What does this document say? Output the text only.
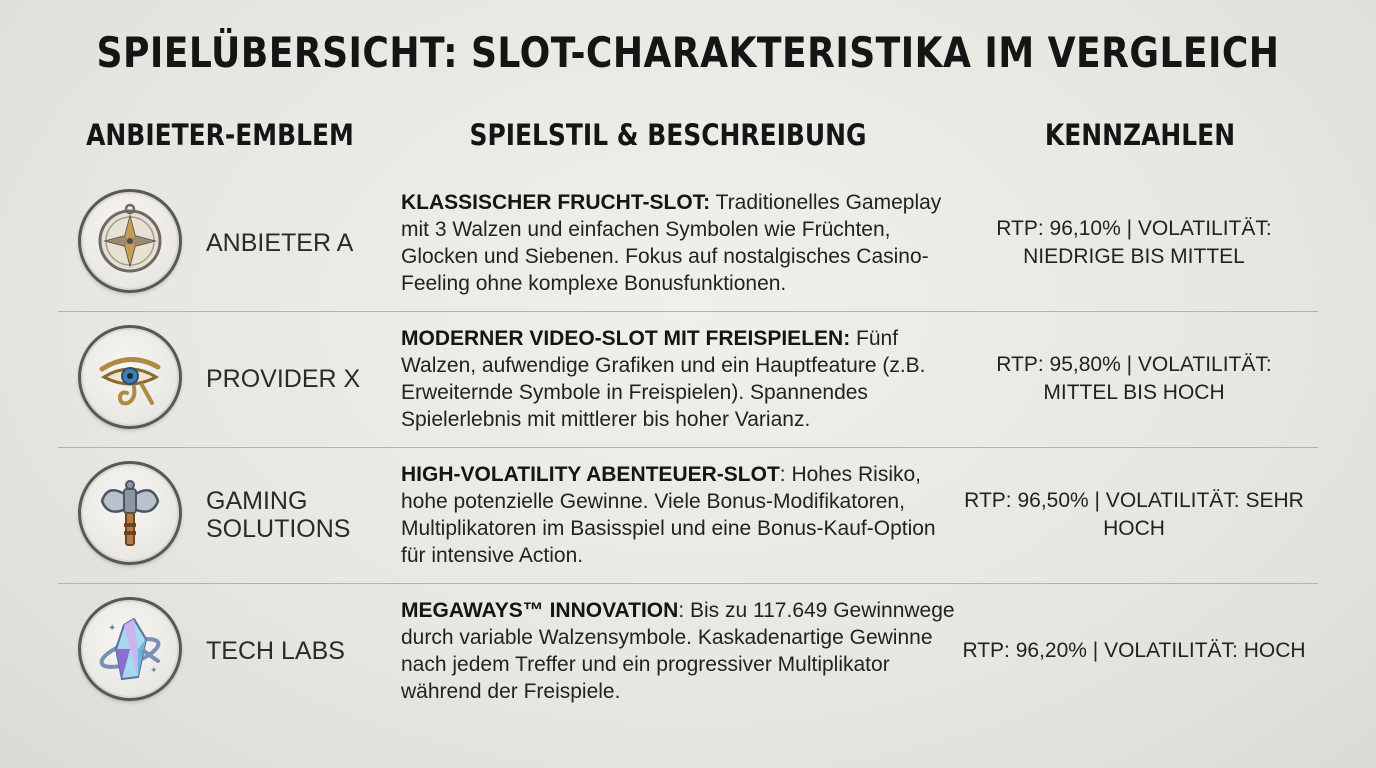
SPIELÜBERSICHT: SLOT-CHARAKTERISTIKA IM VERGLEICH
ANBIETER-EMBLEM	SPIELSTIL & BESCHREIBUNG	KENNZAHLEN
ANBIETER A
KLASSISCHER FRUCHT-SLOT: Traditionelles Gameplay mit 3 Walzen und einfachen Symbolen wie Früchten, Glocken und Siebenen. Fokus auf nostalgisches Casino-Feeling ohne komplexe Bonusfunktionen.
RTP: 96,10% | VOLATILITÄT: NIEDRIGE BIS MITTEL
PROVIDER X
MODERNER VIDEO-SLOT MIT FREISPIELEN: Fünf Walzen, aufwendige Grafiken und ein Hauptfeature (z.B. Erweiternde Symbole in Freispielen). Spannendes Spielerlebnis mit mittlerer bis hoher Varianz.
RTP: 95,80% | VOLATILITÄT: MITTEL BIS HOCH
GAMING
SOLUTIONS
HIGH-VOLATILITY ABENTEUER-SLOT: Hohes Risiko, hohe potenzielle Gewinne. Viele Bonus-Modifikatoren, Multiplikatoren im Basisspiel und eine Bonus-Kauf-Option für intensive Action.
RTP: 96,50% | VOLATILITÄT: SEHR HOCH
✦
✦
TECH LABS
MEGAWAYS™ INNOVATION: Bis zu 117.649 Gewinnwege durch variable Walzensymbole. Kaskadenartige Gewinne nach jedem Treffer und ein progressiver Multiplikator während der Freispiele.
RTP: 96,20% | VOLATILITÄT: HOCH
